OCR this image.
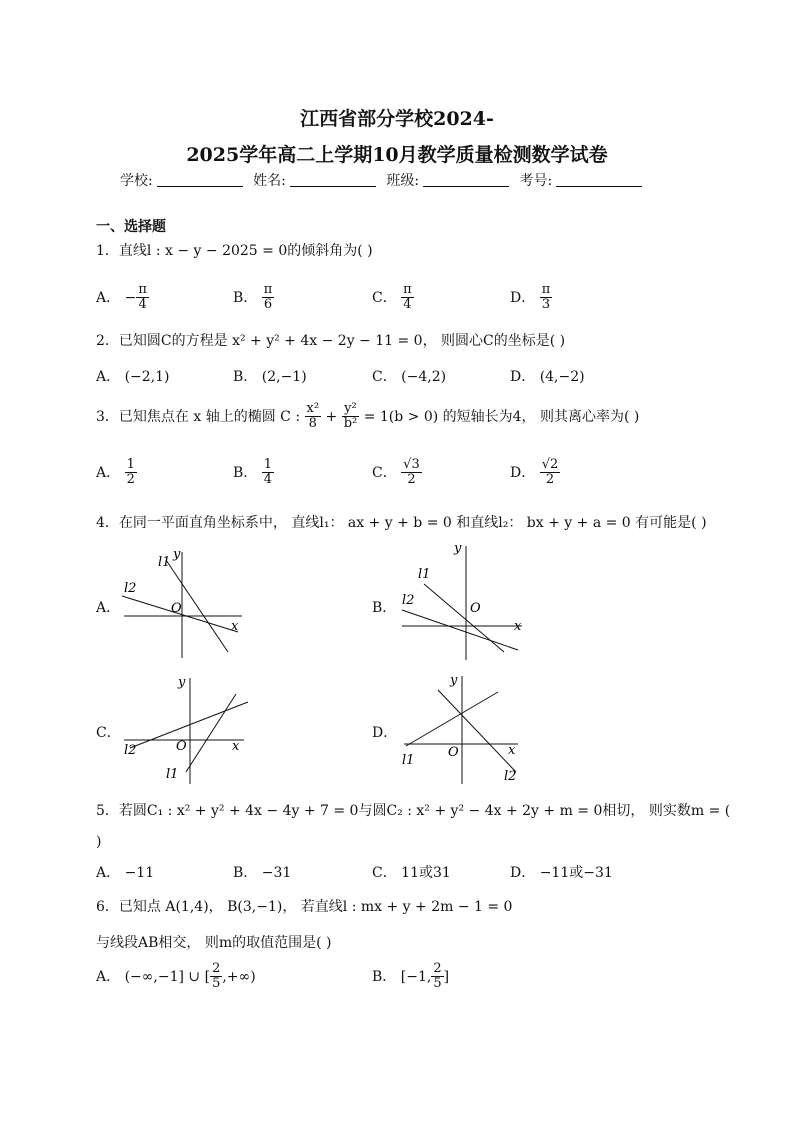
江西省部分学校2024-
2025学年高二上学期10月教学质量检测数学试卷
学校:	姓名:	班级:	考号:
一、选择题
1．直线l : x − y − 2025 = 0的倾斜角为( )
A． − $\frac{\pi}{4}$	B． $\frac{\pi}{6}$	C． $\frac{\pi}{4}$	D． $\frac{\pi}{3}$
2．已知圆C的方程是 x² + y² + 4x − 2y − 11 = 0， 则圆心C的坐标是( )
A． (−2,1)	B． (2,−1)	C． (−4,2)	D． (4,−2)
3．已知焦点在 x 轴上的椭圆 C : $\frac{\text{x²}}{8} + \frac{\text{y²}}{\text{b²}} = 1(b > 0)$ 的短轴长为4， 则其离心率为( )
A． $\frac{1}{2}$	B． $\frac{1}{4}$	C． $\frac{√3}{2}$	D． $\frac{√2}{2}$
4．在同一平面直角坐标系中， 直线l₁： ax + y + b = 0 和直线l₂： bx + y + a = 0 有可能是( )
A．
y
x
O
l1
l2
B．
y
x
O
l1
l2
C．
y
x
O
l1
l2
D．
y
x
O
l1
l2
5．若圆C₁ : x² + y² + 4x − 4y + 7 = 0与圆C₂ : x² + y² − 4x + 2y + m = 0相切， 则实数m = (
)
A． −11	B． −31	C． 11或31	D． −11或−31
6．已知点 A(1,4)， B(3,−1)， 若直线l : mx + y + 2m − 1 = 0
与线段AB相交， 则m的取值范围是( )
A． (−∞,−1] ∪ [ $\frac{2}{5}$ ,+∞)	B． [−1, $\frac{2}{5}$ ]
